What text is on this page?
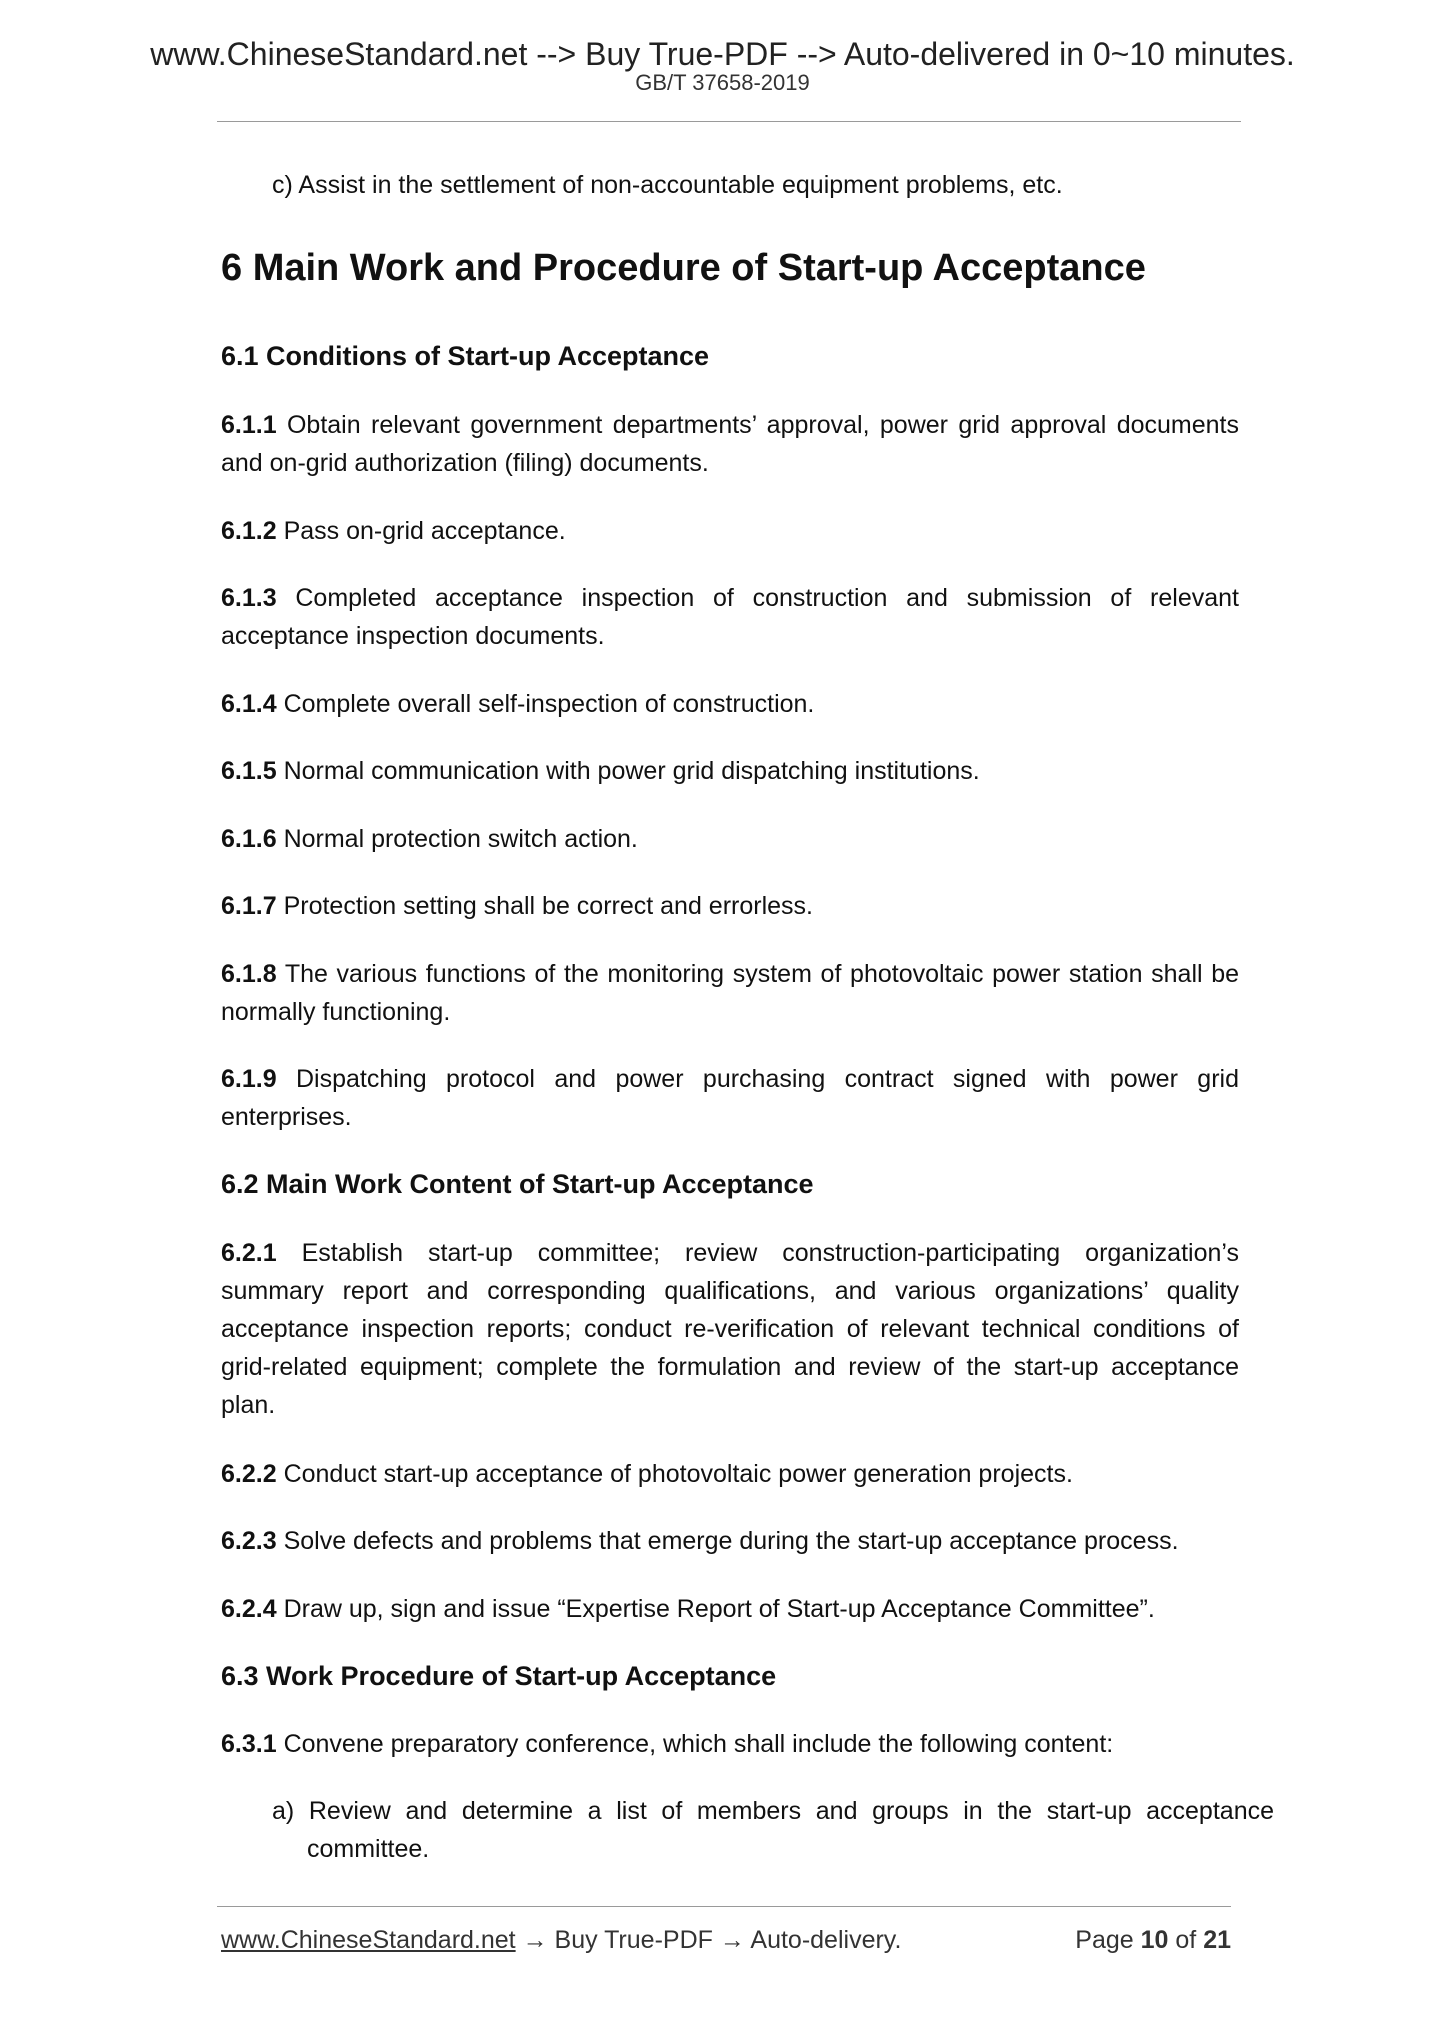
www.ChineseStandard.net --> Buy True-PDF --> Auto-delivered in 0~10 minutes.
GB/T 37658-2019
c) Assist in the settlement of non-accountable equipment problems, etc.
6 Main Work and Procedure of Start-up Acceptance
6.1 Conditions of Start-up Acceptance
6.1.1 Obtain relevant government departments’ approval, power grid approval documents and on-grid authorization (filing) documents.
6.1.2 Pass on-grid acceptance.
6.1.3 Completed acceptance inspection of construction and submission of relevant acceptance inspection documents.
6.1.4 Complete overall self-inspection of construction.
6.1.5 Normal communication with power grid dispatching institutions.
6.1.6 Normal protection switch action.
6.1.7 Protection setting shall be correct and errorless.
6.1.8 The various functions of the monitoring system of photovoltaic power station shall be normally functioning.
6.1.9 Dispatching protocol and power purchasing contract signed with power grid enterprises.
6.2 Main Work Content of Start-up Acceptance
6.2.1 Establish start-up committee; review construction-participating organization’s summary report and corresponding qualifications, and various organizations’ quality acceptance inspection reports; conduct re-verification of relevant technical conditions of grid-related equipment; complete the formulation and review of the start-up acceptance plan.
6.2.2 Conduct start-up acceptance of photovoltaic power generation projects.
6.2.3 Solve defects and problems that emerge during the start-up acceptance process.
6.2.4 Draw up, sign and issue “Expertise Report of Start-up Acceptance Committee”.
6.3 Work Procedure of Start-up Acceptance
6.3.1 Convene preparatory conference, which shall include the following content:
a) Review and determine a list of members and groups in the start-up acceptance committee.
www.ChineseStandard.net → Buy True-PDF → Auto-delivery.	Page 10 of 21
